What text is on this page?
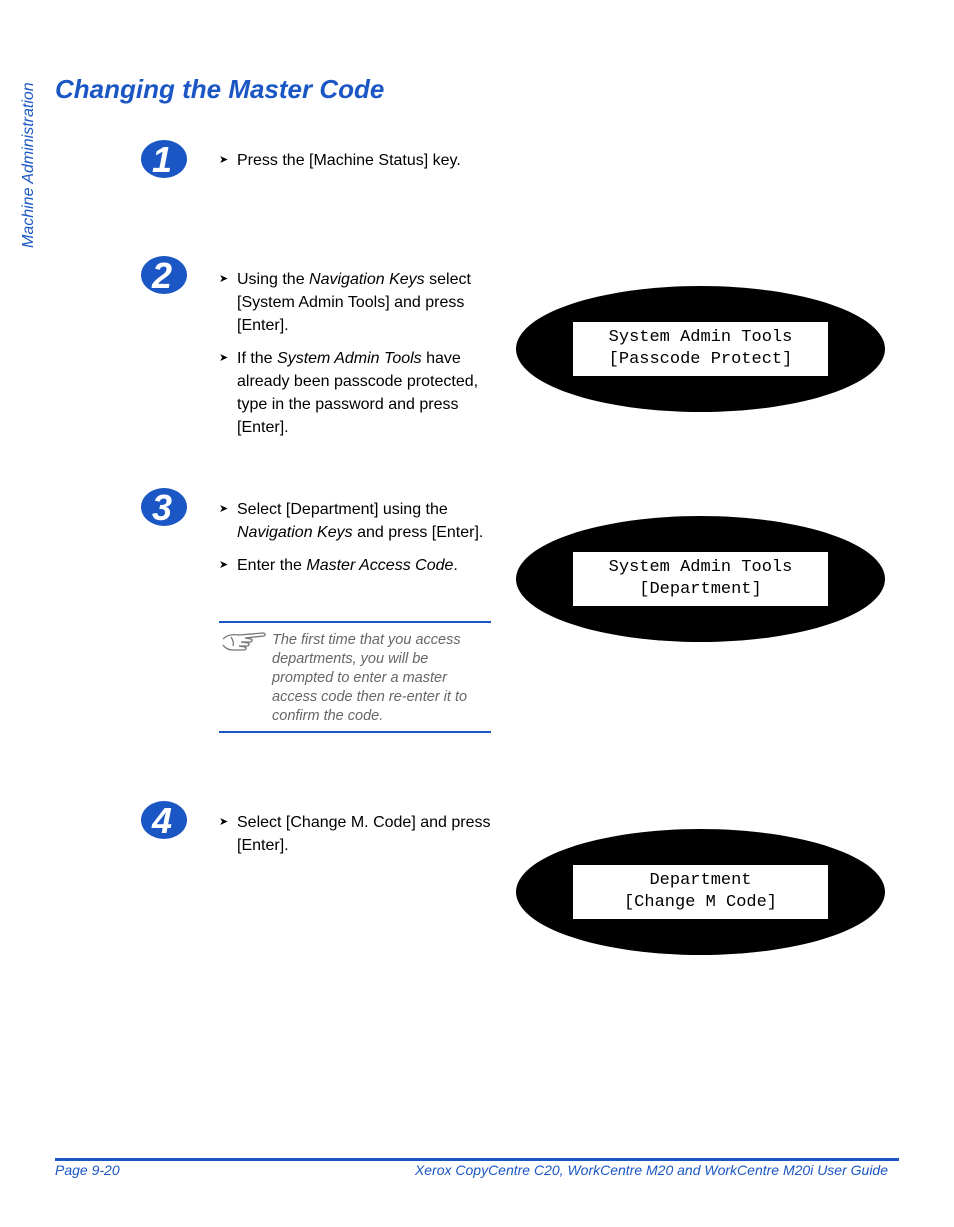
Machine Administration Changing the Master Code
1	➤ Press the [Machine Status] key.
2	➤ Using the Navigation Keys select [System Admin Tools] and press [Enter].
➤ If the System Admin Tools have already been passcode protected, type in the password and press [Enter].
3	➤ Select [Department] using the Navigation Keys and press [Enter].
➤ Enter the Master Access Code.
The first time that you access departments, you will be prompted to enter a master access code then re-enter it to confirm the code.
4	➤ Select [Change M. Code] and press [Enter].
System Admin Tools
[Passcode Protect]
System Admin Tools
[Department]
Department
[Change M Code]
Page 9-20	Xerox CopyCentre C20, WorkCentre M20 and WorkCentre M20i User Guide
